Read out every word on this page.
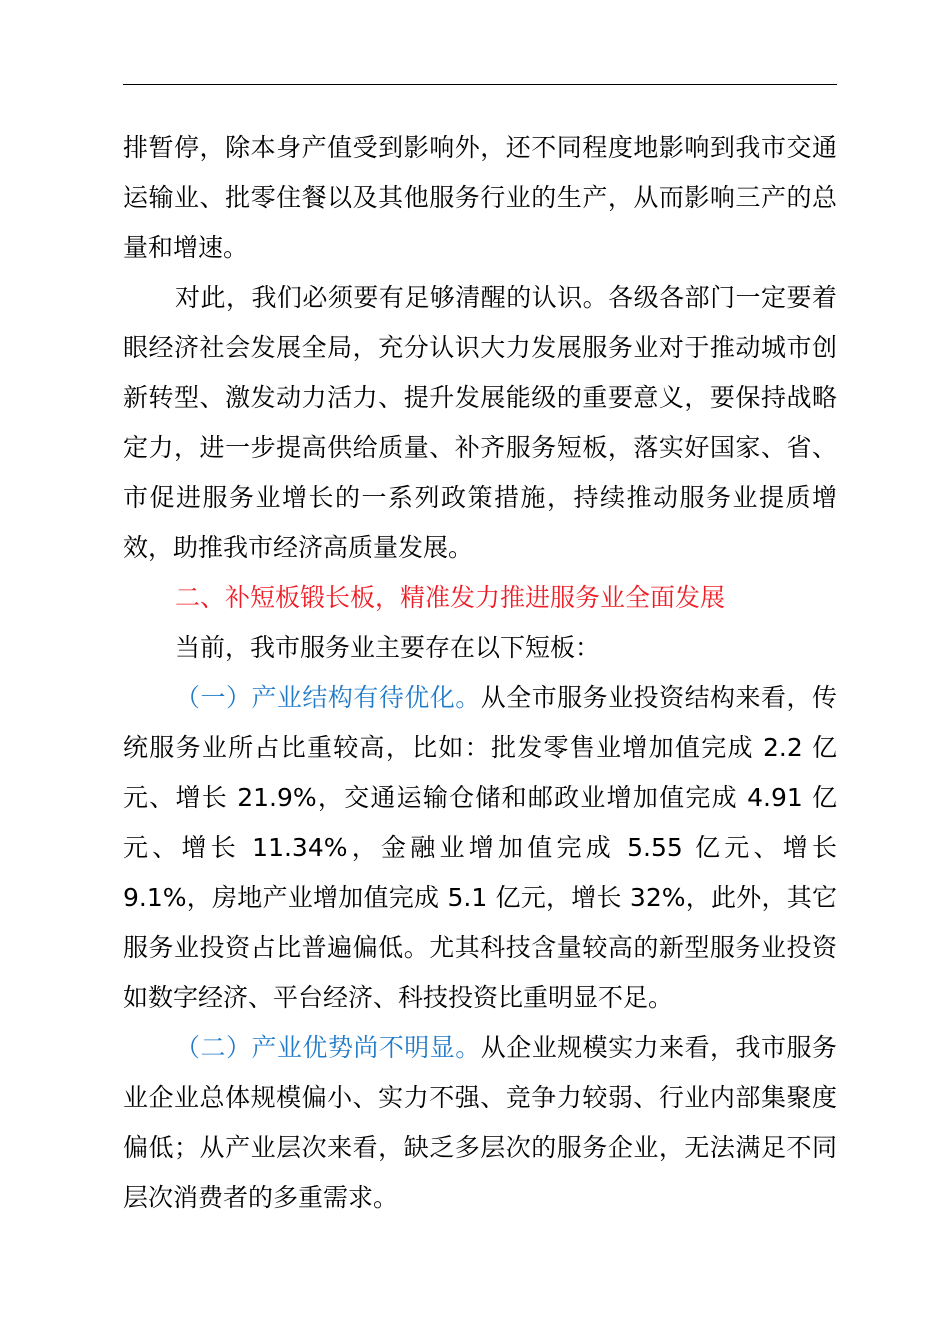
排暂停，除本身产值受到影响外，还不同程度地影响到我市交通运输业、批零住餐以及其他服务行业的生产，从而影响三产的总量和增速。

对此，我们必须要有足够清醒的认识。各级各部门一定要着眼经济社会发展全局，充分认识大力发展服务业对于推动城市创新转型、激发动力活力、提升发展能级的重要意义，要保持战略定力，进一步提高供给质量、补齐服务短板，落实好国家、省、市促进服务业增长的一系列政策措施，持续推动服务业提质增效，助推我市经济高质量发展。

二、补短板锻长板，精准发力推进服务业全面发展

当前，我市服务业主要存在以下短板：

（一）产业结构有待优化。从全市服务业投资结构来看，传统服务业所占比重较高，比如：批发零售业增加值完成 2.2 亿元、增长 21.9%，交通运输仓储和邮政业增加值完成 4.91 亿元、增长 11.34%，金融业增加值完成 5.55 亿元、增长 9.1%，房地产业增加值完成 5.1 亿元，增长 32%，此外，其它服务业投资占比普遍偏低。尤其科技含量较高的新型服务业投资如数字经济、平台经济、科技投资比重明显不足。

（二）产业优势尚不明显。从企业规模实力来看，我市服务业企业总体规模偏小、实力不强、竞争力较弱、行业内部集聚度偏低；从产业层次来看，缺乏多层次的服务企业，无法满足不同层次消费者的多重需求。
